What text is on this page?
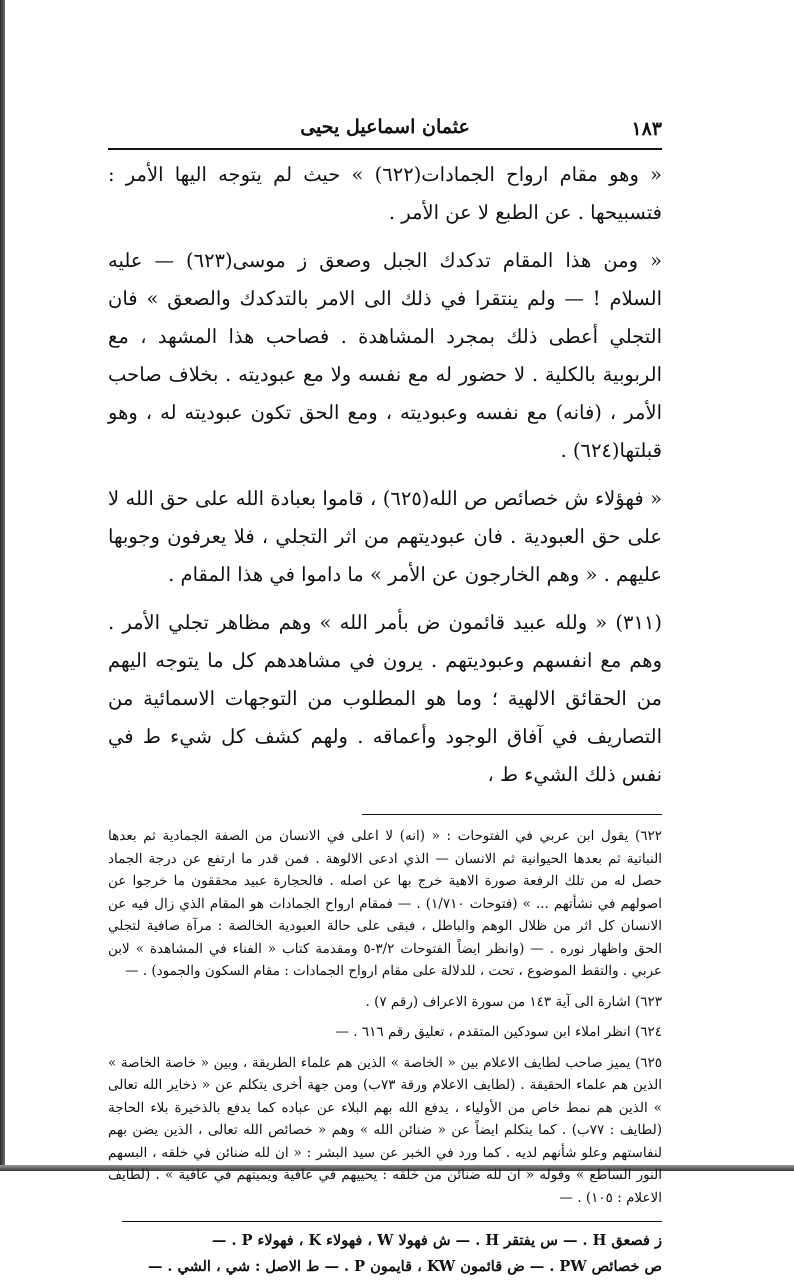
١٨٣
عثمان اسماعيل يحيى

« وهو مقام ارواح الجمادات(٦٢٢) » حيث لم يتوجه اليها الأمر : فتسبيحها . عن الطبع لا عن الأمر .

« ومن هذا المقام تدكدك الجبل وصعق ز موسى(٦٢٣) — عليه السلام ! — ولم ينتقرا في ذلك الى الامر بالتدكدك والصعق » فان التجلي أعطى ذلك بمجرد المشاهدة . فصاحب هذا المشهد ، مع الربوبية بالكلية . لا حضور له مع نفسه ولا مع عبوديته . بخلاف صاحب الأمر ، (فانه) مع نفسه وعبوديته ، ومع الحق تكون عبوديته له ، وهو قبلتها(٦٢٤) .

« فهؤلاء ش خصائص ص الله(٦٢٥) ، قاموا بعبادة الله على حق الله لا على حق العبودية . فان عبوديتهم من اثر التجلي ، فلا يعرفون وجوبها عليهم . « وهم الخارجون عن الأمر » ما داموا في هذا المقام .

(٣١١) « ولله عبيد قائمون ض بأمر الله » وهم مظاهر تجلي الأمر . وهم مع انفسهم وعبوديتهم . يرون في مشاهدهم كل ما يتوجه اليهم من الحقائق الالهية ؛ وما هو المطلوب من التوجهات الاسمائية من التصاريف في آفاق الوجود وأعماقه . ولهم كشف كل شيء ط في نفس ذلك الشيء ط ،

٦٢٢) يقول ابن عربي في الفتوحات : « (انه) لا اعلى في الانسان من الصفة الجمادية ثم بعدها النباتية ثم بعدها الحيوانية ثم الانسان — الذي ادعى الالوهة . فمن قدر ما ارتفع عن درجة الجماد حصل له من تلك الرفعة صورة الاهية خرج بها عن اصله . فالحجارة عبيد محققون ما خرجوا عن اصولهم في نشأتهم ... » (فتوحات ١/٧١٠) . — فمقام ارواح الجمادات هو المقام الذي زال فيه عن الانسان كل اثر من ظلال الوهم والباطل ، فبقى على حالة العبودية الخالصة : مرآة صافية لتجلي الحق واظهار نوره . — (وانظر ايضاً الفتوحات ٣/٢-٥ ومقدمة كتاب « الفناء في المشاهدة » لابن عربي . والتقط الموضوع ، تحت ، للدلالة على مقام ارواح الجمادات : مقام السكون والجمود) . —

٦٢٣) اشارة الى آية ١٤٣ من سورة الاعراف (رقم ٧) .

٦٢٤) انظر املاء ابن سودكين المتقدم ، تعليق رقم ٦١٦ . —

٦٢٥) يميز صاحب لطايف الاعلام بين « الخاصة » الذين هم علماء الطريقة ، وبين « خاصة الخاصة » الذين هم علماء الحقيقة . (لطايف الاعلام ورقة ٧٣ب) ومن جهة أخرى يتكلم عن « ذخاير الله تعالى » الذين هم نمط خاص من الأولياء ، يدفع الله بهم البلاء عن عباده كما يدفع بالذخيرة بلاء الحاجة (لطايف : ٧٧ب) . كما يتكلم ايضاً عن « ضنائن الله » وهم « خصائص الله تعالى ، الذين يضن بهم لنفاستهم وعلو شأنهم لديه . كما ورد في الخبر عن سيد البشر : « ان لله ضنائن في خلقه ، البسهم النور الساطع » وقوله « ان لله ضنائن من خلقه : يحييهم في عافية ويميتهم في عافية » . (لطايف الاعلام : ١٠٥) . —

ز فصعق H . — س يفتقر H . — ش فهولا W ، فهولاء K ، فهولاء P . —

ص خصائص PW . — ض قائمون KW ، قايمون P . — ط الاصل : شي ، الشي . —
